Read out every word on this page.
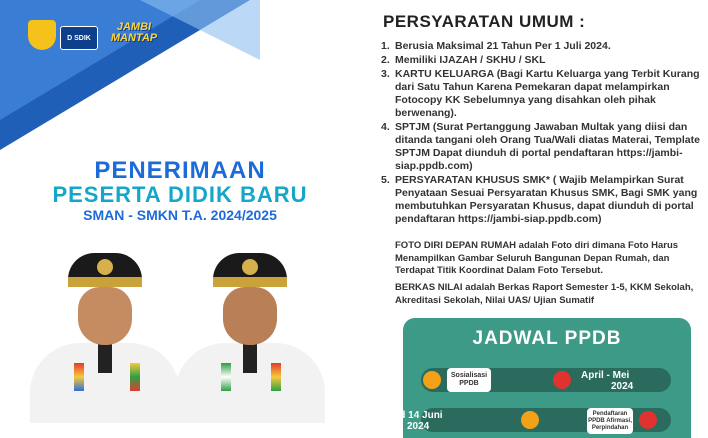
D SDIK
JAMBI
MANTAP
PENERIMAAN
PESERTA DIDIK BARU
SMAN - SMKN T.A. 2024/2025
PERSYARATAN UMUM :
1. Berusia Maksimal 21 Tahun Per 1 Juli 2024.
2. Memiliki IJAZAH / SKHU / SKL
3. KARTU KELUARGA (Bagi Kartu Keluarga yang Terbit Kurang dari Satu Tahun Karena Pemekaran dapat melampirkan Fotocopy KK Sebelumnya yang disahkan oleh pihak berwenang).
4. SPTJM (Surat Pertanggung Jawaban Multak yang diisi dan ditanda tangani oleh Orang Tua/Wali diatas Materai, Template SPTJM Dapat diunduh di portal pendaftaran https://jambi-siap.ppdb.com)
5. PERSYARATAN KHUSUS SMK* ( Wajib Melampirkan Surat Penyataan Sesuai Persyaratan Khusus SMK, Bagi SMK yang membutuhkan Persyaratan Khusus, dapat diunduh di portal pendaftaran https://jambi-siap.ppdb.com)
FOTO DIRI DEPAN RUMAH adalah Foto diri dimana Foto Harus Menampilkan Gambar Seluruh Bangunan Depan Rumah, dan Terdapat Titik Koordinat Dalam Foto Tersebut.
BERKAS NILAI adalah Berkas Raport Semester 1-5, KKM Sekolah, Akreditasi Sekolah, Nilai UAS/ Ujian Sumatif
JADWAL PPDB
Sosialisasi PPDB
April - Mei
2024
10 s/d 14 Juni
2024
Pendaftaran PPDB Afirmasi, Perpindahan
